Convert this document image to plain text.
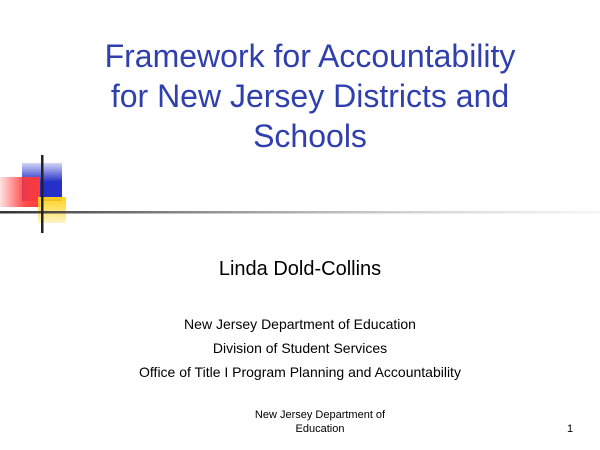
Framework for Accountability
for New Jersey Districts and
Schools
Linda Dold-Collins
New Jersey Department of Education
Division of Student Services
Office of Title I Program Planning and Accountability
New Jersey Department of
Education	1
